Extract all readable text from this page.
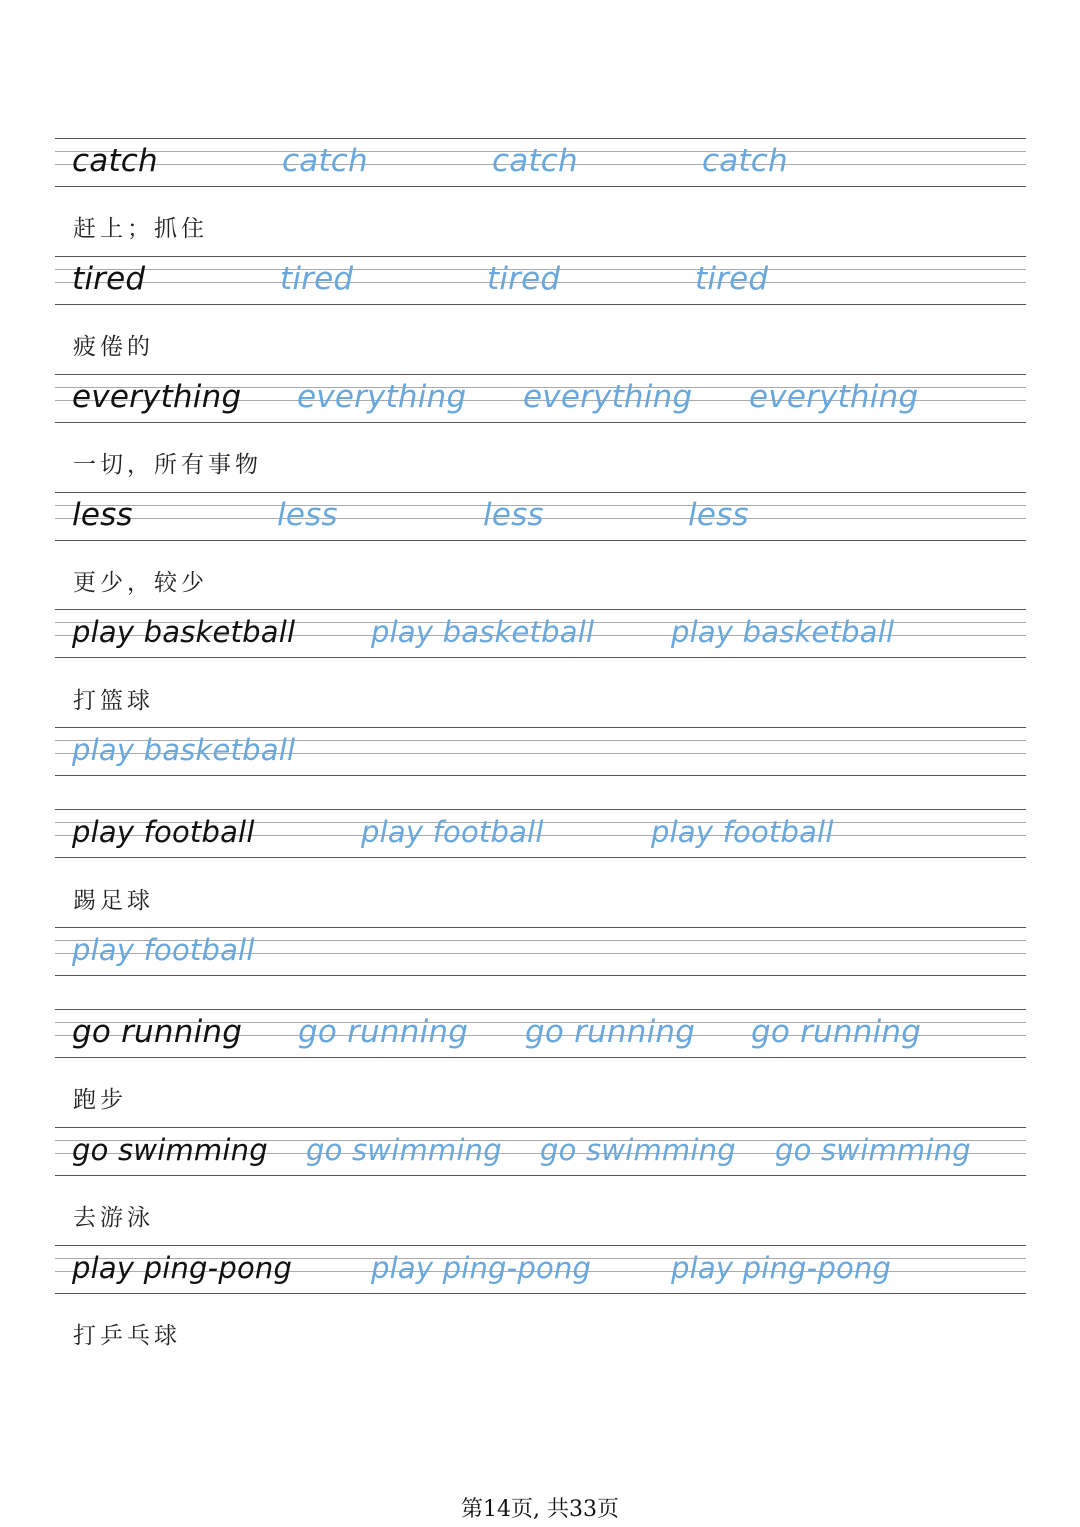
catch	catch	catch	catch
赶上；抓住
tired	tired	tired	tired
疲倦的
everything everything everything everything
一切，所有事物
less	less	less	less
更少，较少
play basketball	play basketball	play basketball
打篮球
play basketball
play football	play football	play football
踢足球
play football
go running go running go running go running
跑步
go swimming go swimming go swimming go swimming
去游泳
play ping-pong	play ping-pong	play ping-pong
打乒乓球
第14页, 共33页
